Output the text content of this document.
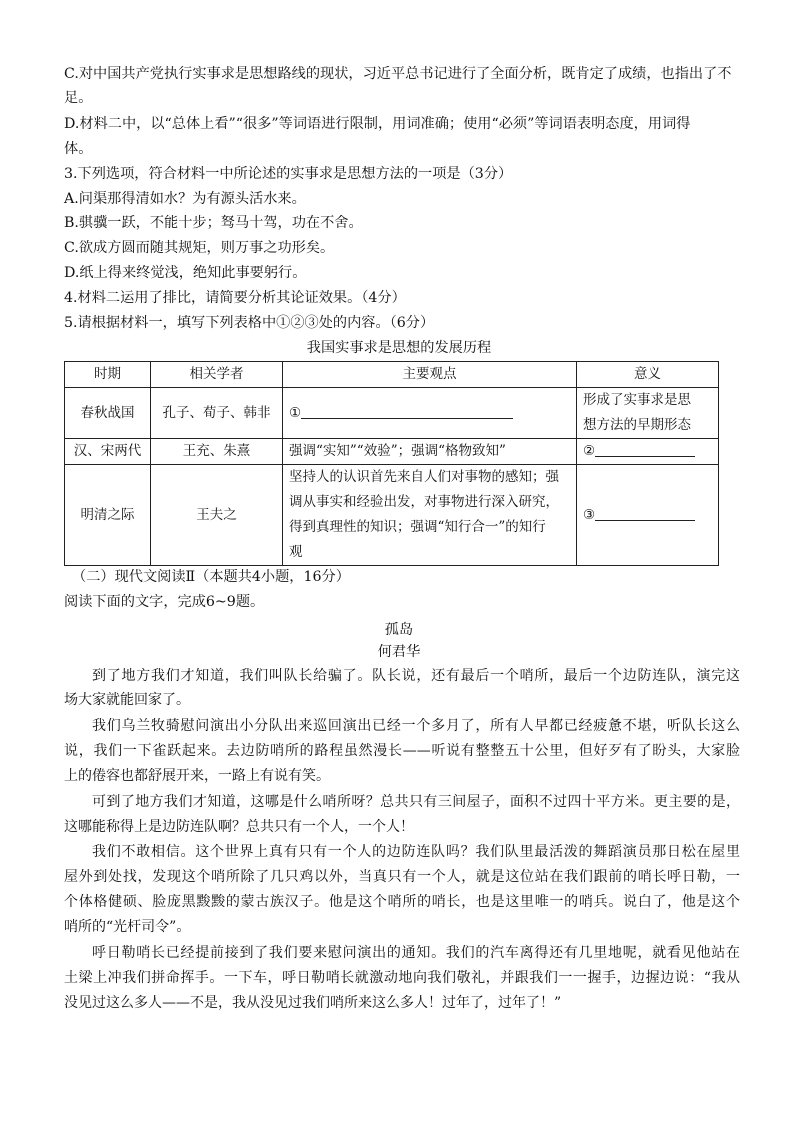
C.对中国共产党执行实事求是思想路线的现状，习近平总书记进行了全面分析，既肯定了成绩，也指出了不
足。
D.材料二中，以“总体上看”“很多”等词语进行限制，用词准确；使用“必须”等词语表明态度，用词得
体。
3.下列选项，符合材料一中所论述的实事求是思想方法的一项是（3分）
A.问渠那得清如水？为有源头活水来。
B.骐骥一跃，不能十步；驽马十驾，功在不舍。
C.欲成方圆而随其规矩，则万事之功形矣。
D.纸上得来终觉浅，绝知此事要躬行。
4.材料二运用了排比，请简要分析其论证效果。（4分）
5.请根据材料一，填写下列表格中①②③处的内容。（6分）
我国实事求是思想的发展历程
时期	相关学者	主要观点	意义
春秋战国	孔子、荀子、韩非	①	形成了实事求是思
想方法的早期形态
汉、宋两代	王充、朱熹	强调“实知”“效验”；强调“格物致知”	②
明清之际	王夫之	坚持人的认识首先来自人们对事物的感知；强
调从事实和经验出发，对事物进行深入研究，
得到真理性的知识；强调“知行合一”的知行
观	③
（二）现代文阅读Ⅱ（本题共4小题，16分）
阅读下面的文字，完成6~9题。
孤岛
何君华
到了地方我们才知道，我们叫队长给骗了。队长说，还有最后一个哨所，最后一个边防连队，演完这
场大家就能回家了。
我们乌兰牧骑慰问演出小分队出来巡回演出已经一个多月了，所有人早都已经疲惫不堪，听队长这么
说，我们一下雀跃起来。去边防哨所的路程虽然漫长——听说有整整五十公里，但好歹有了盼头，大家脸
上的倦容也都舒展开来，一路上有说有笑。
可到了地方我们才知道，这哪是什么哨所呀？总共只有三间屋子，面积不过四十平方米。更主要的是，
这哪能称得上是边防连队啊？总共只有一个人，一个人！
我们不敢相信。这个世界上真有只有一个人的边防连队吗？我们队里最活泼的舞蹈演员那日松在屋里
屋外到处找，发现这个哨所除了几只鸡以外，当真只有一个人，就是这位站在我们跟前的哨长呼日勒，一
个体格健硕、脸庞黑黢黢的蒙古族汉子。他是这个哨所的哨长，也是这里唯一的哨兵。说白了，他是这个
哨所的“光杆司令”。
呼日勒哨长已经提前接到了我们要来慰问演出的通知。我们的汽车离得还有几里地呢，就看见他站在
土梁上冲我们拼命挥手。一下车，呼日勒哨长就激动地向我们敬礼，并跟我们一一握手，边握边说：“我从
没见过这么多人——不是，我从没见过我们哨所来这么多人！过年了，过年了！”
